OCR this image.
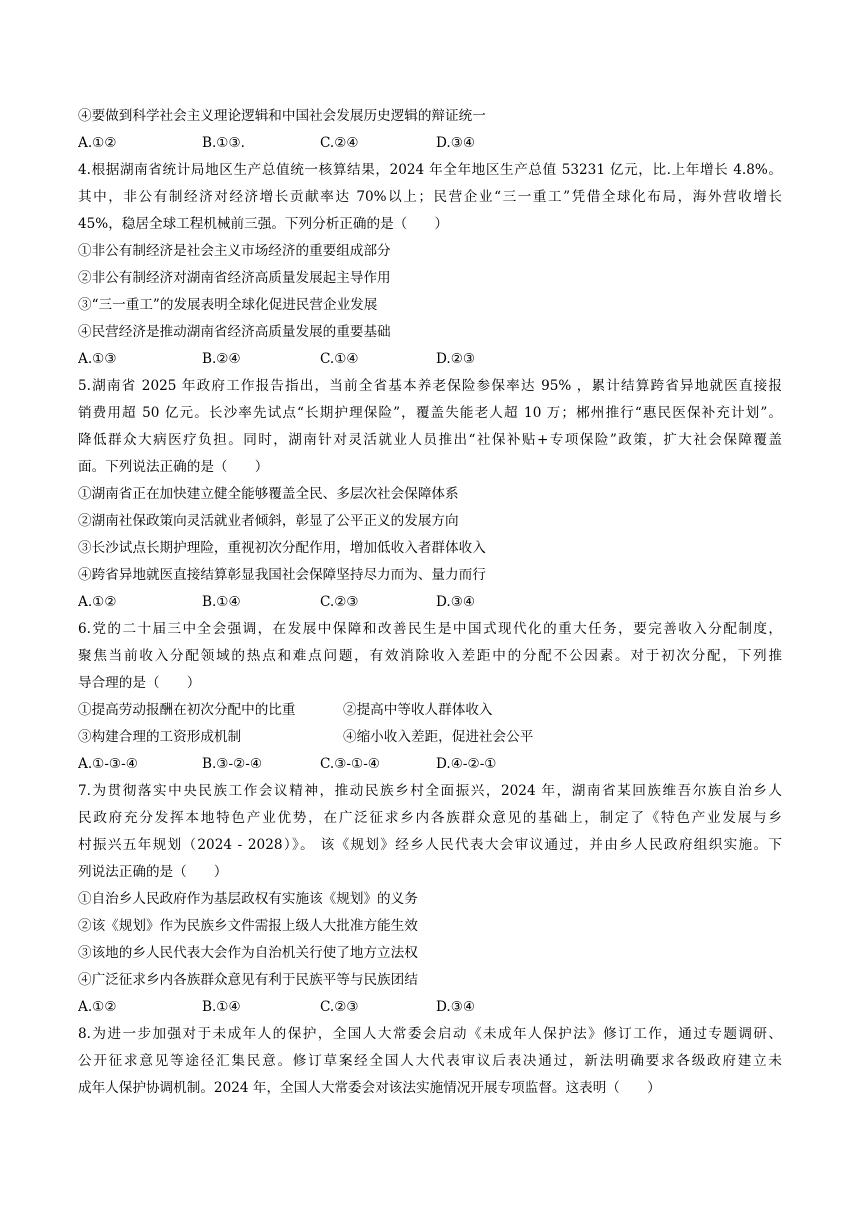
④要做到科学社会主义理论逻辑和中国社会发展历史逻辑的辩证统一
A.①②	B.①③.	C.②④	D.③④
4.根据湖南省统计局地区生产总值统一核算结果，2024 年全年地区生产总值 53231 亿元，比.上年增长 4.8%。
其中，非公有制经济对经济增长贡献率达 70%以上；民营企业“三一重工”凭借全球化布局，海外营收增长
45%，稳居全球工程机械前三强。下列分析正确的是（　　）
①非公有制经济是社会主义市场经济的重要组成部分
②非公有制经济对湖南省经济高质量发展起主导作用
③“三一重工”的发展表明全球化促进民营企业发展
④民营经济是推动湖南省经济高质量发展的重要基础
A.①③	B.②④	C.①④	D.②③
5.湖南省 2025 年政府工作报告指出，当前全省基本养老保险参保率达 95% ，累计结算跨省异地就医直接报
销费用超 50 亿元。长沙率先试点“长期护理保险”，覆盖失能老人超 10 万；郴州推行“惠民医保补充计划”。
降低群众大病医疗负担。同时，湖南针对灵活就业人员推出“社保补贴+专项保险”政策，扩大社会保障覆盖
面。下列说法正确的是（　　）
①湖南省正在加快建立健全能够覆盖全民、多层次社会保障体系
②湖南社保政策向灵活就业者倾斜，彰显了公平正义的发展方向
③长沙试点长期护理险，重视初次分配作用，增加低收入者群体收入
④跨省异地就医直接结算彰显我国社会保障坚持尽力而为、量力而行
A.①②	B.①④	C.②③	D.③④
6.党的二十届三中全会强调，在发展中保障和改善民生是中国式现代化的重大任务，要完善收入分配制度，
聚焦当前收入分配领域的热点和难点问题，有效消除收入差距中的分配不公因素。对于初次分配，下列推
导合理的是（　　）
①提高劳动报酬在初次分配中的比重	②提高中等收人群体收入
③构建合理的工资形成机制	④缩小收入差距，促进社会公平
A.①-③-④	B.③-②-④	C.③-①-④	D.④-②-①
7.为贯彻落实中央民族工作会议精神，推动民族乡村全面振兴，2024 年，湖南省某回族维吾尔族自治乡人
民政府充分发挥本地特色产业优势，在广泛征求乡内各族群众意见的基础上，制定了《特色产业发展与乡
村振兴五年规划（2024 - 2028）》。 该《规划》经乡人民代表大会审议通过，并由乡人民政府组织实施。下
列说法正确的是（　　）
①自治乡人民政府作为基层政权有实施该《规划》的义务
②该《规划》作为民族乡文件需报上级人大批准方能生效
③该地的乡人民代表大会作为自治机关行使了地方立法权
④广泛征求乡内各族群众意见有利于民族平等与民族团结
A.①②	B.①④	C.②③	D.③④
8.为进一步加强对于未成年人的保护，全国人大常委会启动《未成年人保护法》修订工作，通过专题调研、
公开征求意见等途径汇集民意。修订草案经全国人大代表审议后表决通过，新法明确要求各级政府建立未
成年人保护协调机制。2024 年，全国人大常委会对该法实施情况开展专项监督。这表明（　　）
